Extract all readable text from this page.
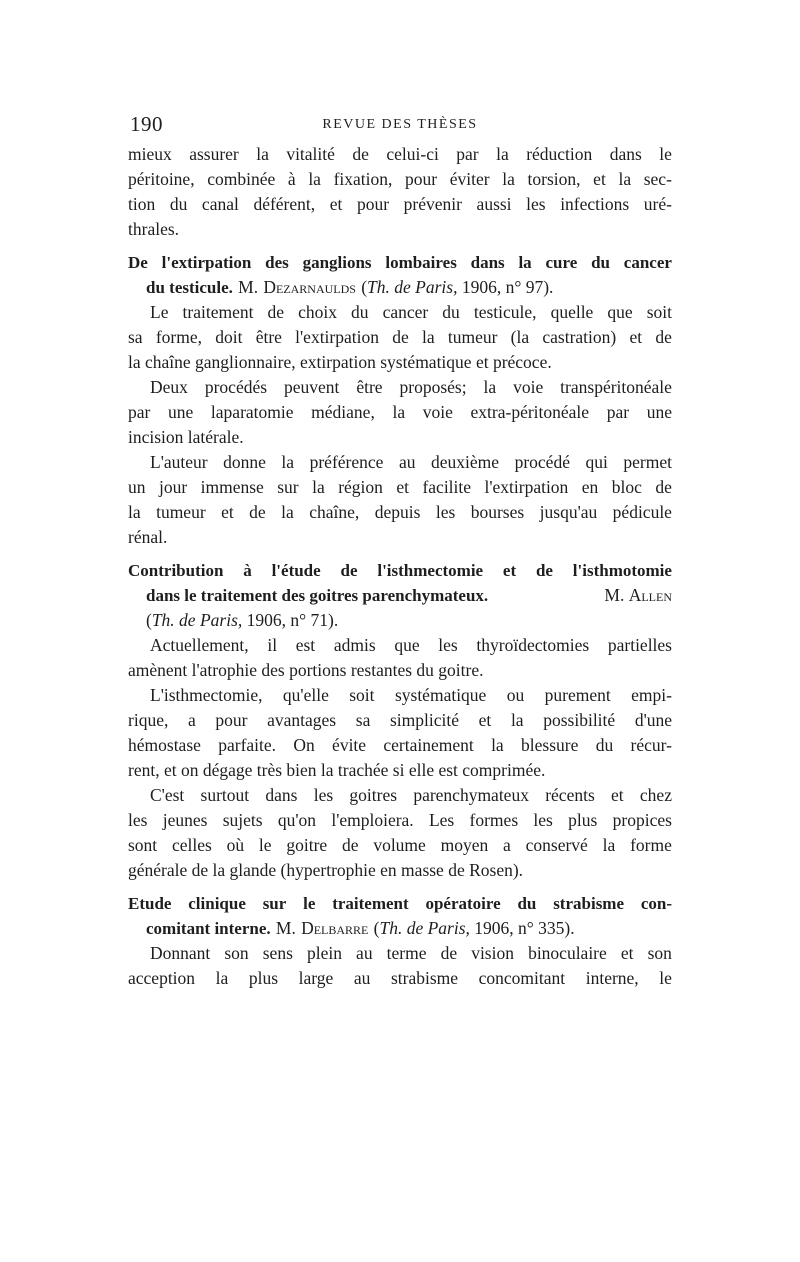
190	REVUE DES THÈSES
mieux assurer la vitalité de celui-ci par la réduction dans le
péritoine, combinée à la fixation, pour éviter la torsion, et la sec-
tion du canal déférent, et pour prévenir aussi les infections uré-
thrales.
De l'extirpation des ganglions lombaires dans la cure du cancer
du testicule. M. Dezarnaulds (Th. de Paris, 1906, n° 97).
Le traitement de choix du cancer du testicule, quelle que soit
sa forme, doit être l'extirpation de la tumeur (la castration) et de
la chaîne ganglionnaire, extirpation systématique et précoce.
Deux procédés peuvent être proposés; la voie transpéritonéale
par une laparatomie médiane, la voie extra-péritonéale par une
incision latérale.
L'auteur donne la préférence au deuxième procédé qui permet
un jour immense sur la région et facilite l'extirpation en bloc de
la tumeur et de la chaîne, depuis les bourses jusqu'au pédicule
rénal.
Contribution à l'étude de l'isthmectomie et de l'isthmotomie
dans le traitement des goitres parenchymateux.	M. Allen
(Th. de Paris, 1906, n° 71).
Actuellement, il est admis que les thyroïdectomies partielles
amènent l'atrophie des portions restantes du goitre.
L'isthmectomie, qu'elle soit systématique ou purement empi-
rique, a pour avantages sa simplicité et la possibilité d'une
hémostase parfaite. On évite certainement la blessure du récur-
rent, et on dégage très bien la trachée si elle est comprimée.
C'est surtout dans les goitres parenchymateux récents et chez
les jeunes sujets qu'on l'emploiera. Les formes les plus propices
sont celles où le goitre de volume moyen a conservé la forme
générale de la glande (hypertrophie en masse de Rosen).
Etude clinique sur le traitement opératoire du strabisme con-
comitant interne. M. Delbarre (Th. de Paris, 1906, n° 335).
Donnant son sens plein au terme de vision binoculaire et son
acception la plus large au strabisme concomitant interne, le
